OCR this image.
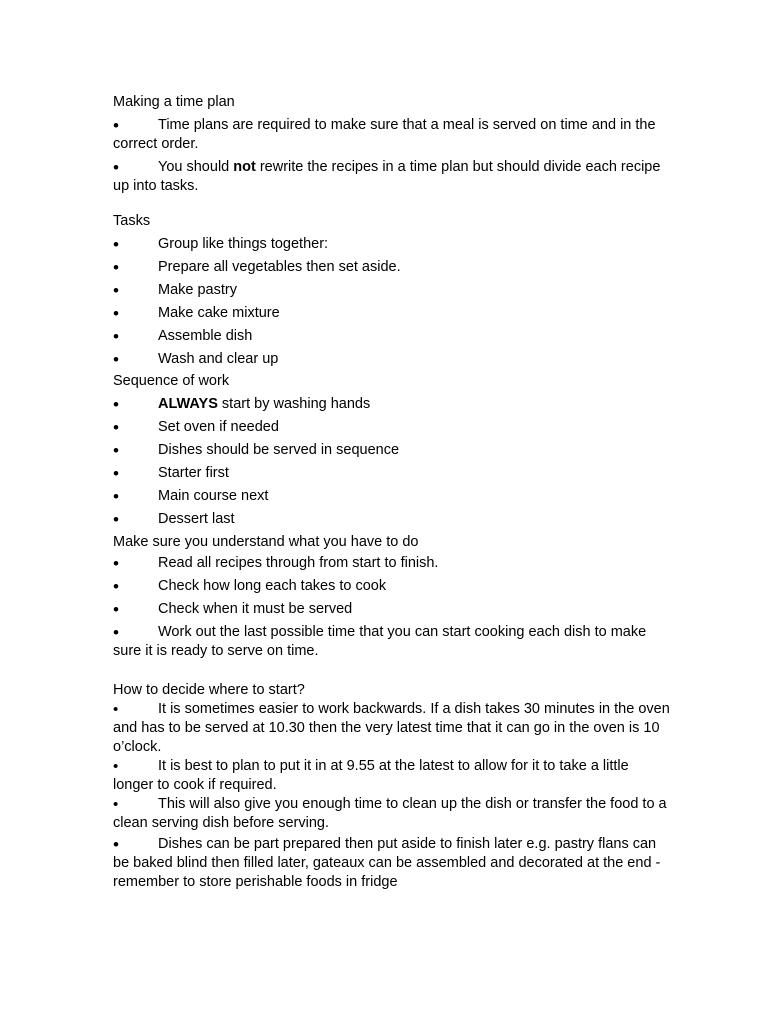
Making a time plan
•	Time plans are required to make sure that a meal is served on time and in the correct order.
•	You should not rewrite the recipes in a time plan but should divide each recipe up into tasks.
Tasks
•	Group like things together:
•	Prepare all vegetables then set aside.
•	Make pastry
•	Make cake mixture
•	Assemble dish
•	Wash and clear up
Sequence of work
•	ALWAYS start by washing hands
•	Set oven if needed
•	Dishes should be served in sequence
•	Starter first
•	Main course next
•	Dessert last
Make sure you understand what you have to do
•	Read all recipes through from start to finish.
•	Check how long each takes to cook
•	Check when it must be served
•	Work out the last possible time that you can start cooking each dish to make sure it is ready to serve on time.
How to decide where to start?
•	It is sometimes easier to work backwards. If a dish takes 30 minutes in the oven and has to be served at 10.30 then the very latest time that it can go in the oven is 10 o’clock.
•	It is best to plan to put it in at 9.55 at the latest to allow for it to take a little longer to cook if required.
•	This will also give you enough time to clean up the dish or transfer the food to a clean serving dish before serving.
•	Dishes can be part prepared then put aside to finish later e.g. pastry flans can be baked blind then filled later, gateaux can be assembled and decorated at the end - remember to store perishable foods in fridge
